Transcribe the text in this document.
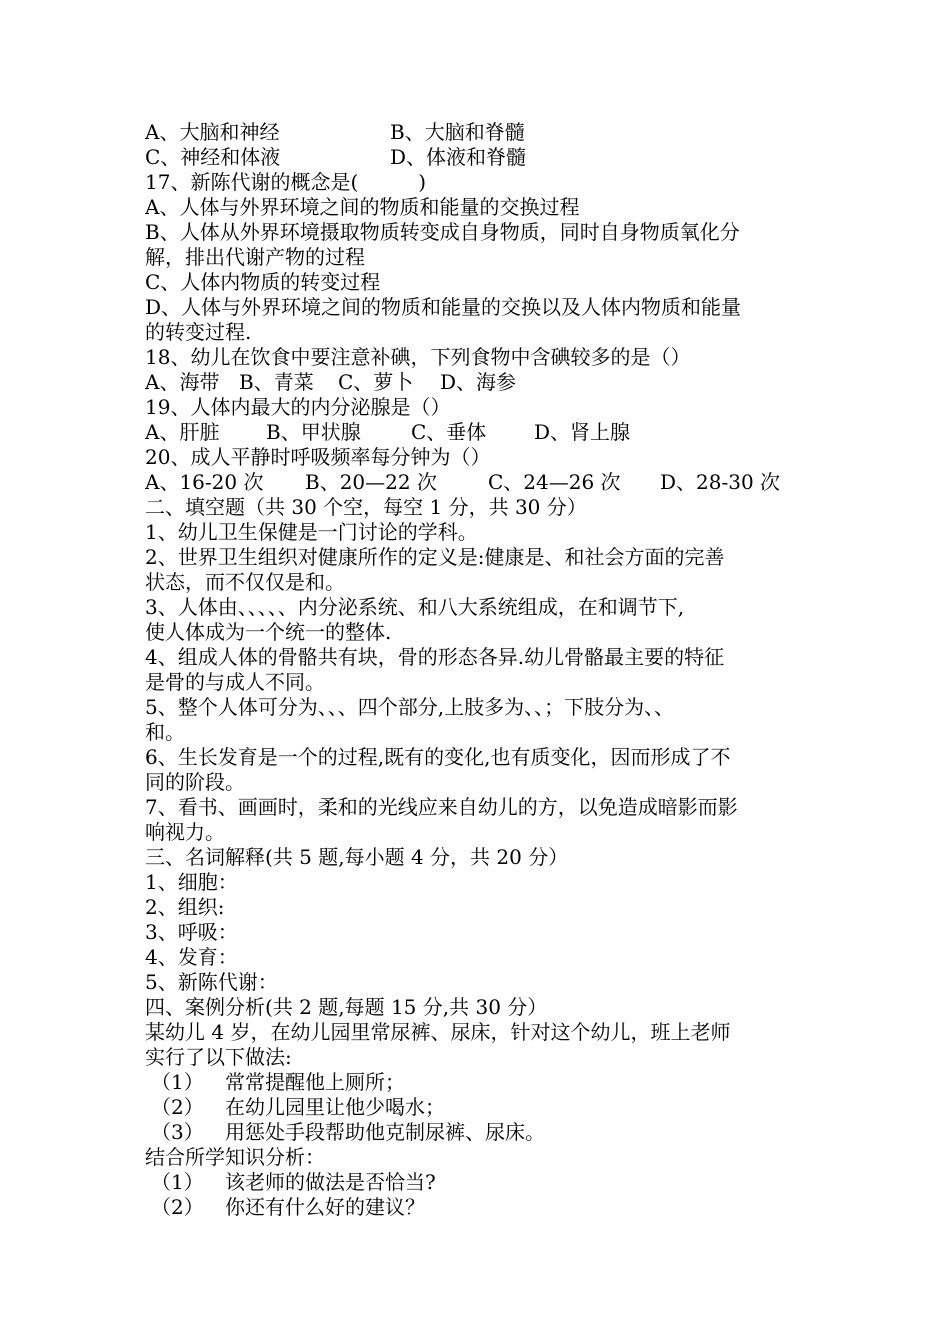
A、大脑和神经	B、大脑和脊髓
C、神经和体液	D、体液和脊髓
17、新陈代谢的概念是(　　　)
A、人体与外界环境之间的物质和能量的交换过程
B、人体从外界环境摄取物质转变成自身物质，同时自身物质氧化分
解，排出代谢产物的过程
C、人体内物质的转变过程
D、人体与外界环境之间的物质和能量的交换以及人体内物质和能量
的转变过程.
18、幼儿在饮食中要注意补碘，下列食物中含碘较多的是（）
A、海带 B、青菜 C、萝卜 D、海参
19、人体内最大的内分泌腺是（）
A、肝脏 B、甲状腺	C、垂体 D、肾上腺
20、成人平静时呼吸频率每分钟为（）
A、16-20 次 B、20—22 次	C、24—26 次 D、28-30 次
二、填空题（共 30 个空，每空 1 分，共 30 分）
1、幼儿卫生保健是一门讨论的学科。
2、世界卫生组织对健康所作的定义是:健康是、和社会方面的完善
状态，而不仅仅是和。
3、人体由、、、、、内分泌系统、和八大系统组成，在和调节下,
使人体成为一个统一的整体.
4、组成人体的骨骼共有块，骨的形态各异.幼儿骨骼最主要的特征
是骨的与成人不同。
5、整个人体可分为、、、四个部分,上肢多为、、；下肢分为、、
和。
6、生长发育是一个的过程,既有的变化,也有质变化，因而形成了不
同的阶段。
7、看书、画画时，柔和的光线应来自幼儿的方，以免造成暗影而影
响视力。
三、名词解释(共 5 题,每小题 4 分，共 20 分）
1、细胞：
2、组织:
3、呼吸：
4、发育：
5、新陈代谢：
四、案例分析(共 2 题,每题 15 分,共 30 分）
某幼儿 4 岁，在幼儿园里常尿裤、尿床，针对这个幼儿，班上老师
实行了以下做法:
（1） 常常提醒他上厕所；
（2） 在幼儿园里让他少喝水；
（3） 用惩处手段帮助他克制尿裤、尿床。
结合所学知识分析：
（1） 该老师的做法是否恰当?
（2） 你还有什么好的建议？
